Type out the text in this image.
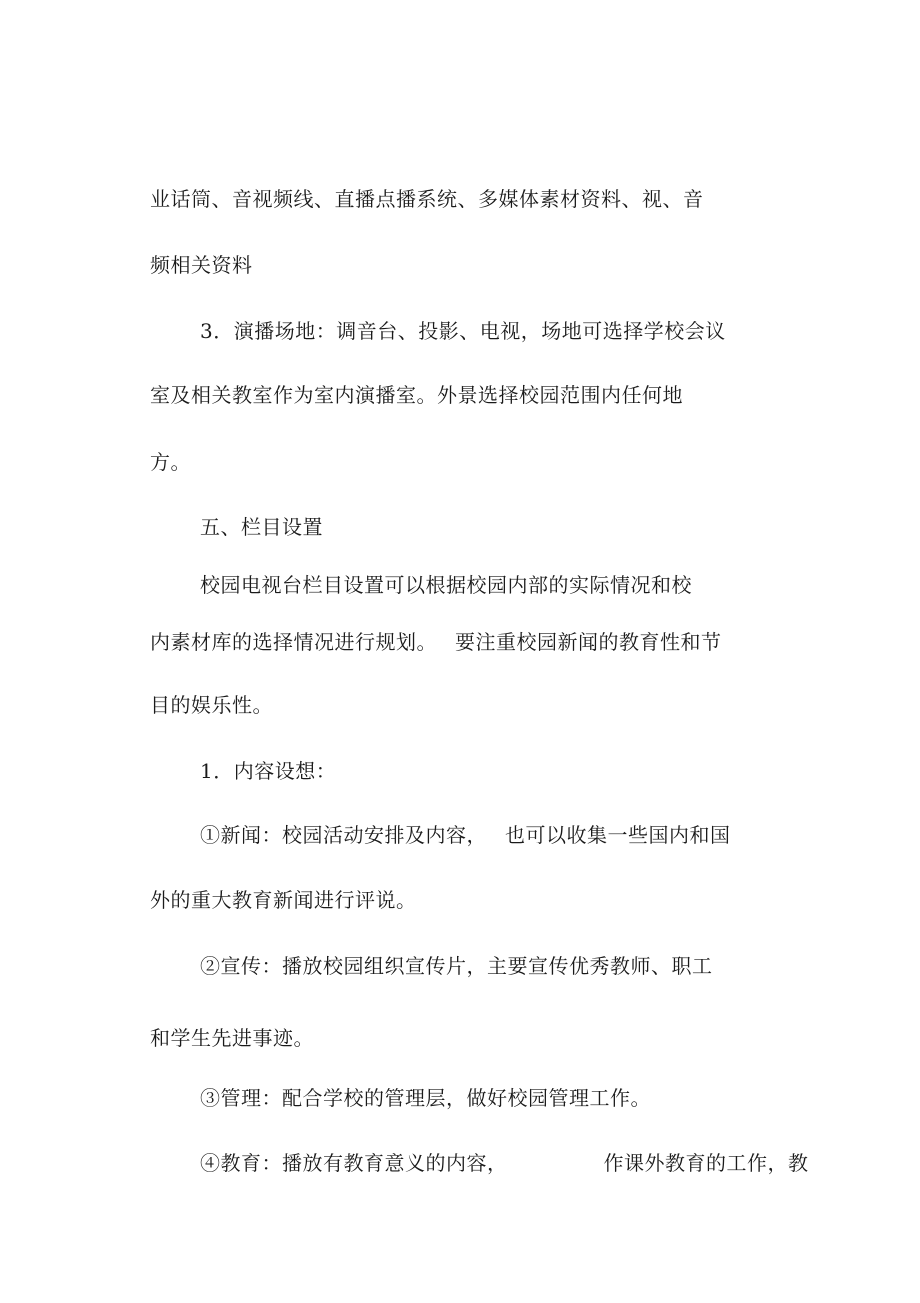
业话筒、音视频线、直播点播系统、多媒体素材资料、视、音
频相关资料
3．演播场地：调音台、投影、电视，场地可选择学校会议
室及相关教室作为室内演播室。外景选择校园范围内任何地
方。
五、栏目设置
校园电视台栏目设置可以根据校园内部的实际情况和校
内素材库的选择情况进行规划。 要注重校园新闻的教育性和节
目的娱乐性。
1．内容设想：
①新闻：校园活动安排及内容， 也可以收集一些国内和国
外的重大教育新闻进行评说。
②宣传：播放校园组织宣传片，主要宣传优秀教师、职工
和学生先进事迹。
③管理：配合学校的管理层，做好校园管理工作。
④教育：播放有教育意义的内容，	作课外教育的工作，教
